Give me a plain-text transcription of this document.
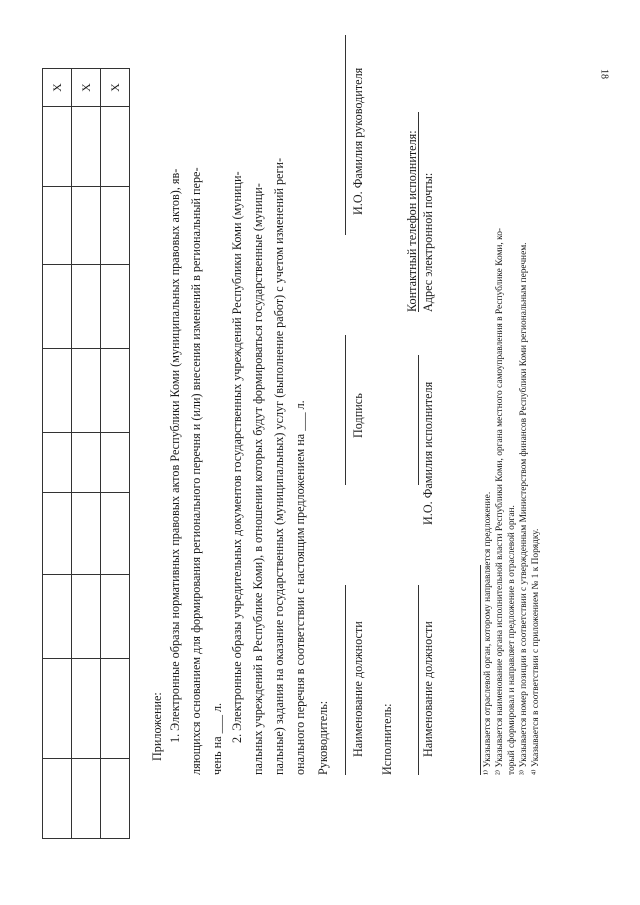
18
									X
									X
									X
Приложение: 1. Электронные образы нормативных правовых актов Республики Коми (муниципальных правовых актов), яв- ляющихся основанием для формирования регионального перечня и (или) внесения изменений в региональный пере- чень на ___ л. 2. Электронные образы учредительных документов государственных учреждений Республики Коми (муници- пальных учреждений в Республике Коми), в отношении которых будут формироваться государственные (муници- пальные) задания на оказание государственных (муниципальных) услуг (выполнение работ) с учетом изменений реги- онального перечня в соответствии с настоящим предложением на ___ л. Руководитель: Наименование должности
Подпись
И.О. Фамилия руководителя
Исполнитель: Наименование должности
И.О. Фамилия исполнителя
Контактный телефон исполнителя: Адрес электронной почты:
¹⁾ Указывается отраслевой орган, которому направляется предложение. ²⁾ Указывается наименование органа исполнительной власти Республики Коми, органа местного самоуправления в Республике Коми, ко- торый сформировал и направляет предложение в отраслевой орган. ³⁾ Указывается номер позиции в соответствии с утвержденным Министерством финансов Республики Коми региональным перечнем. ⁴⁾ Указывается в соответствии с приложением № 1 к Порядку.
